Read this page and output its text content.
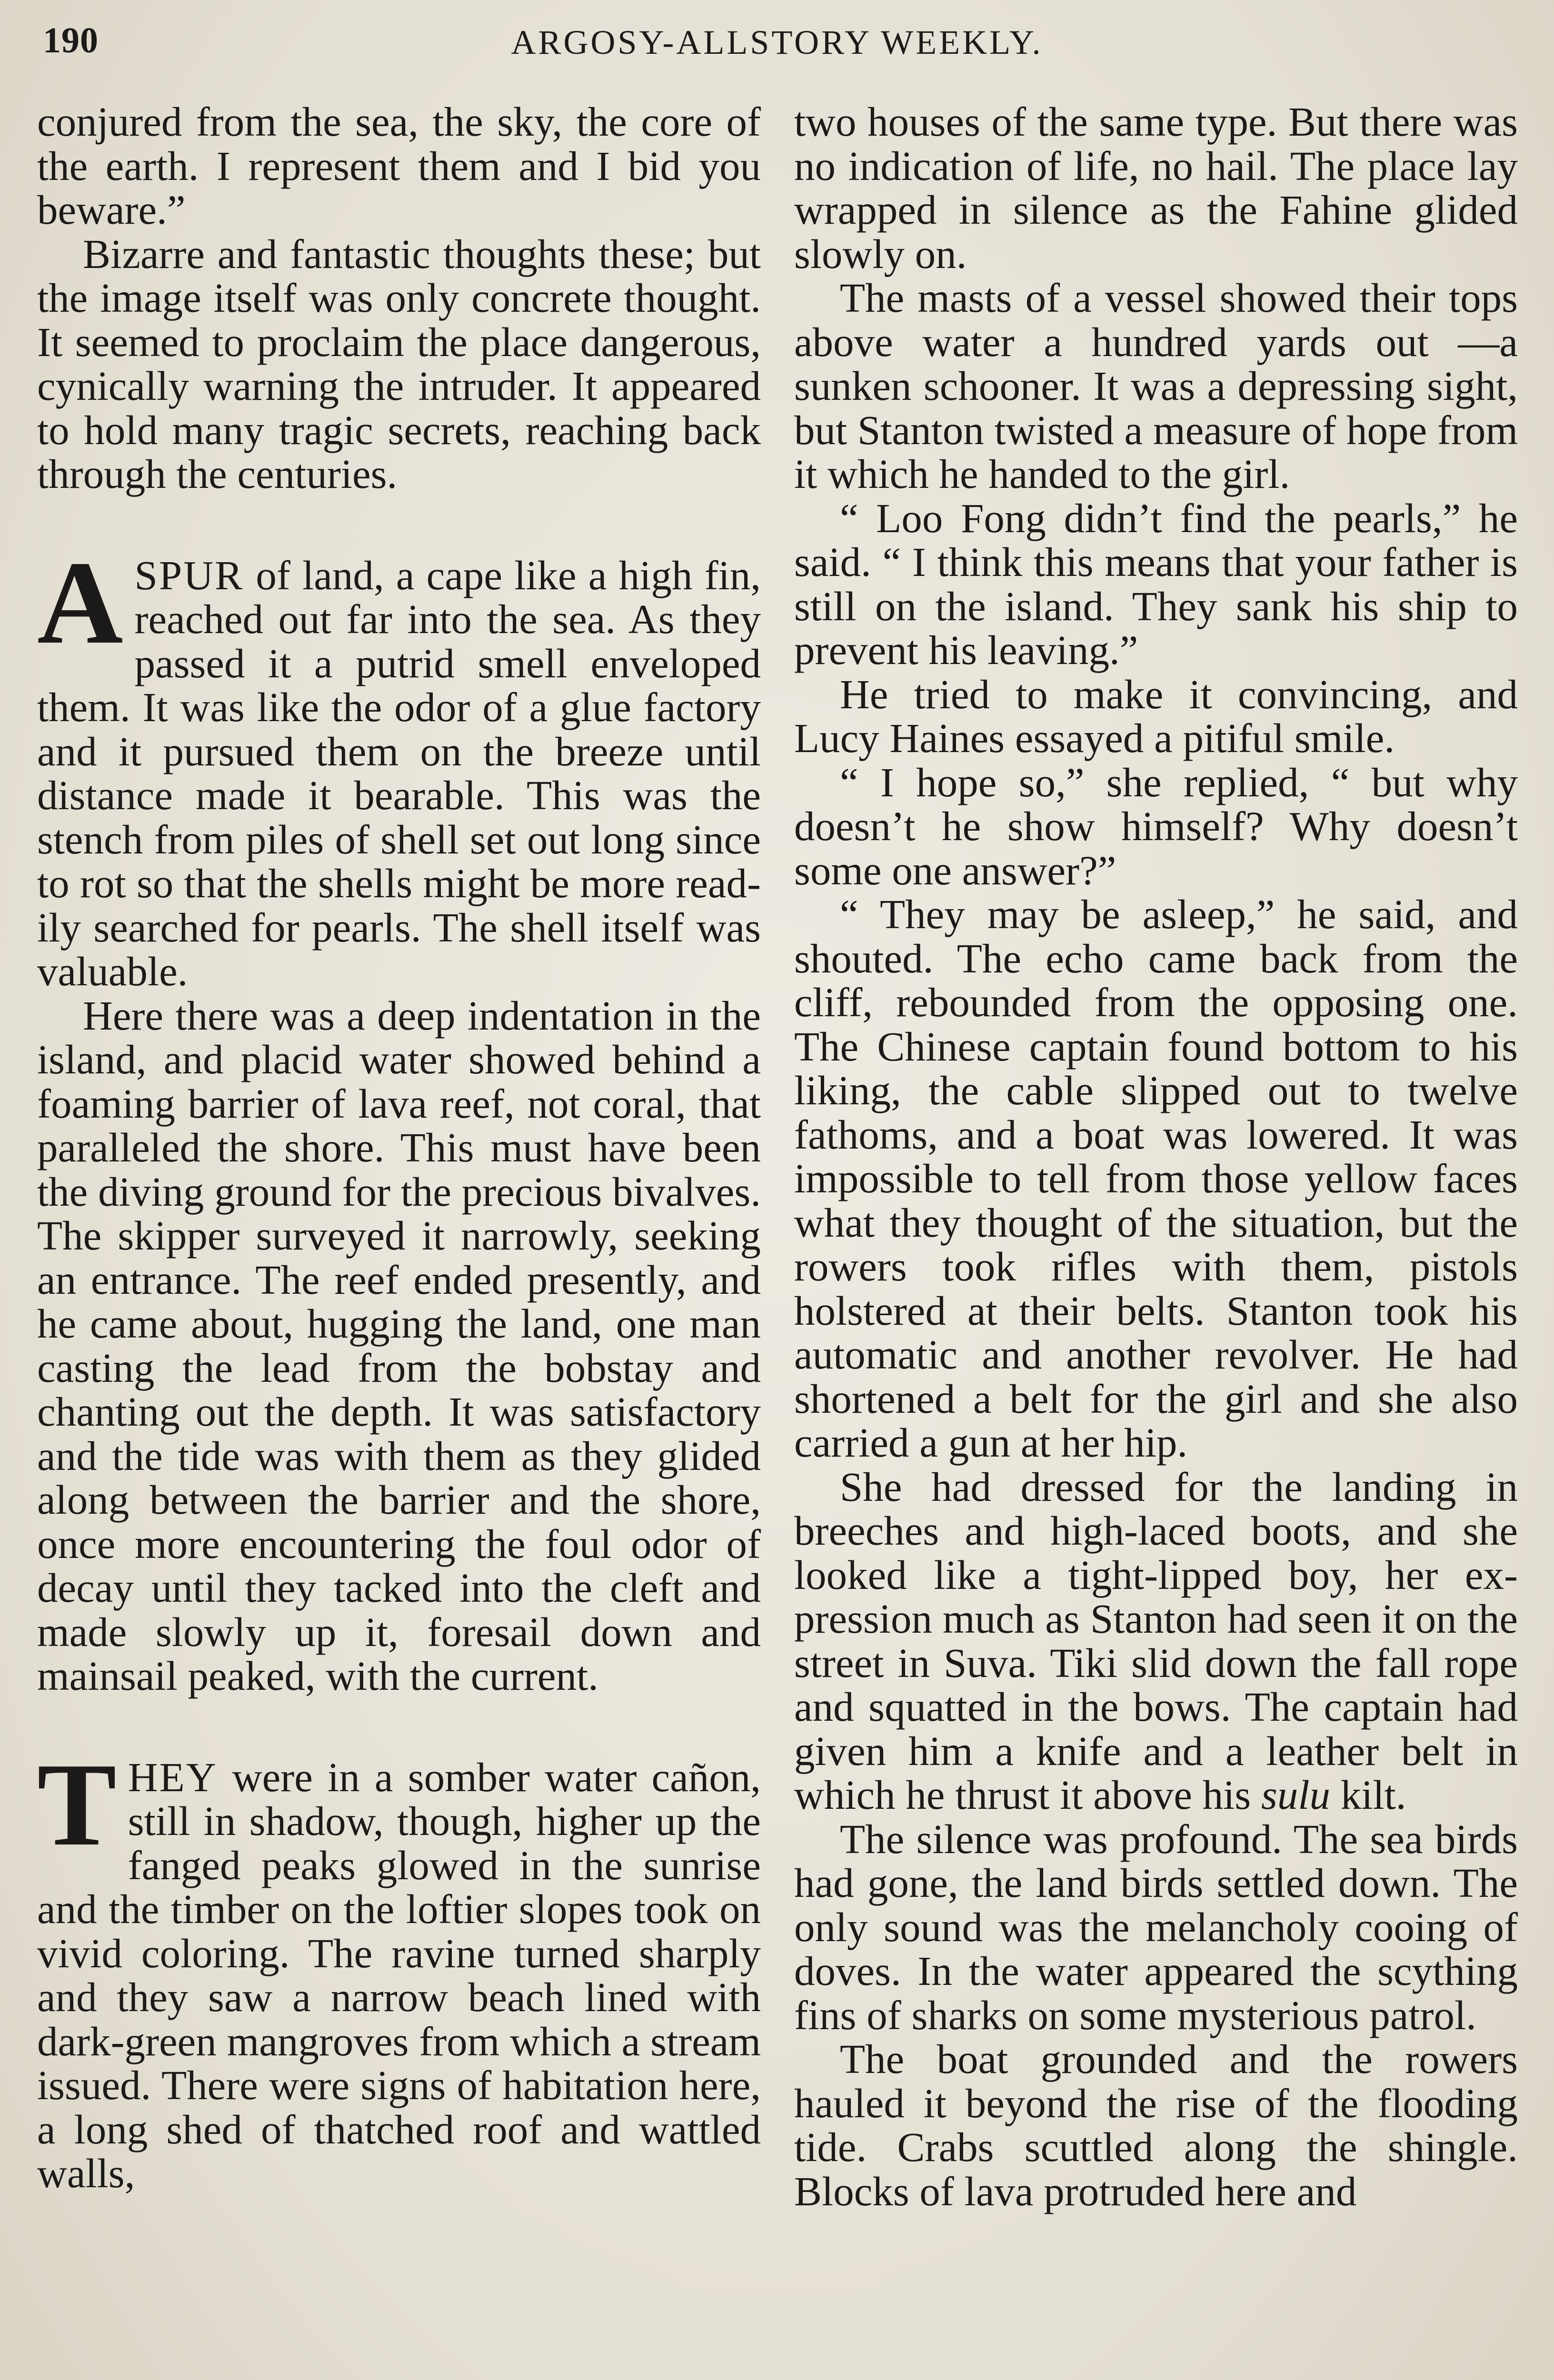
190	ARGOSY-ALLSTORY WEEKLY.

conjured from the sea, the sky, the core of the earth. I represent them and I bid you beware.”

Bizarre and fantastic thoughts these; but the image itself was only concrete thought. It seemed to proclaim the place dangerous, cynically warning the intruder. It appeared to hold many tragic secrets, reaching back through the centuries.

ASPUR of land, a cape like a high fin, reached out far into the sea. As they passed it a putrid smell enveloped them. It was like the odor of a glue factory and it pursued them on the breeze until distance made it bearable. This was the stench from piles of shell set out long since to rot so that the shells might be more readily searched for pearls. The shell itself was valuable.

Here there was a deep indentation in the island, and placid water showed behind a foaming barrier of lava reef, not coral, that paralleled the shore. This must have been the diving ground for the precious bivalves. The skipper surveyed it narrowly, seeking an entrance. The reef ended presently, and he came about, hugging the land, one man casting the lead from the bobstay and chanting out the depth. It was satisfactory and the tide was with them as they glided along between the barrier and the shore, once more encountering the foul odor of decay until they tacked into the cleft and made slowly up it, foresail down and mainsail peaked, with the current.

THEY were in a somber water cañon, still in shadow, though, higher up the fanged peaks glowed in the sunrise and the timber on the loftier slopes took on vivid coloring. The ravine turned sharply and they saw a narrow beach lined with dark-green mangroves from which a stream issued. There were signs of habitation here, a long shed of thatched roof and wattled walls,

two houses of the same type. But there was no indication of life, no hail. The place lay wrapped in silence as the Fahine glided slowly on.

The masts of a vessel showed their tops above water a hundred yards out —a sunken schooner. It was a depressing sight, but Stanton twisted a measure of hope from it which he handed to the girl.

“ Loo Fong didn’t find the pearls,” he said. “ I think this means that your father is still on the island. They sank his ship to prevent his leaving.”

He tried to make it convincing, and Lucy Haines essayed a pitiful smile.

“ I hope so,” she replied, “ but why doesn’t he show himself? Why doesn’t some one answer?”

“ They may be asleep,” he said, and shouted. The echo came back from the cliff, rebounded from the opposing one. The Chinese captain found bottom to his liking, the cable slipped out to twelve fathoms, and a boat was lowered. It was impossible to tell from those yellow faces what they thought of the situation, but the rowers took rifles with them, pistols holstered at their belts. Stanton took his automatic and another revolver. He had shortened a belt for the girl and she also carried a gun at her hip.

She had dressed for the landing in breeches and high-laced boots, and she looked like a tight-lipped boy, her expression much as Stanton had seen it on the street in Suva. Tiki slid down the fall rope and squatted in the bows. The captain had given him a knife and a leather belt in which he thrust it above his sulu kilt.

The silence was profound. The sea birds had gone, the land birds settled down. The only sound was the melancholy cooing of doves. In the water appeared the scything fins of sharks on some mysterious patrol.

The boat grounded and the rowers hauled it beyond the rise of the flooding tide. Crabs scuttled along the shingle. Blocks of lava protruded here and
